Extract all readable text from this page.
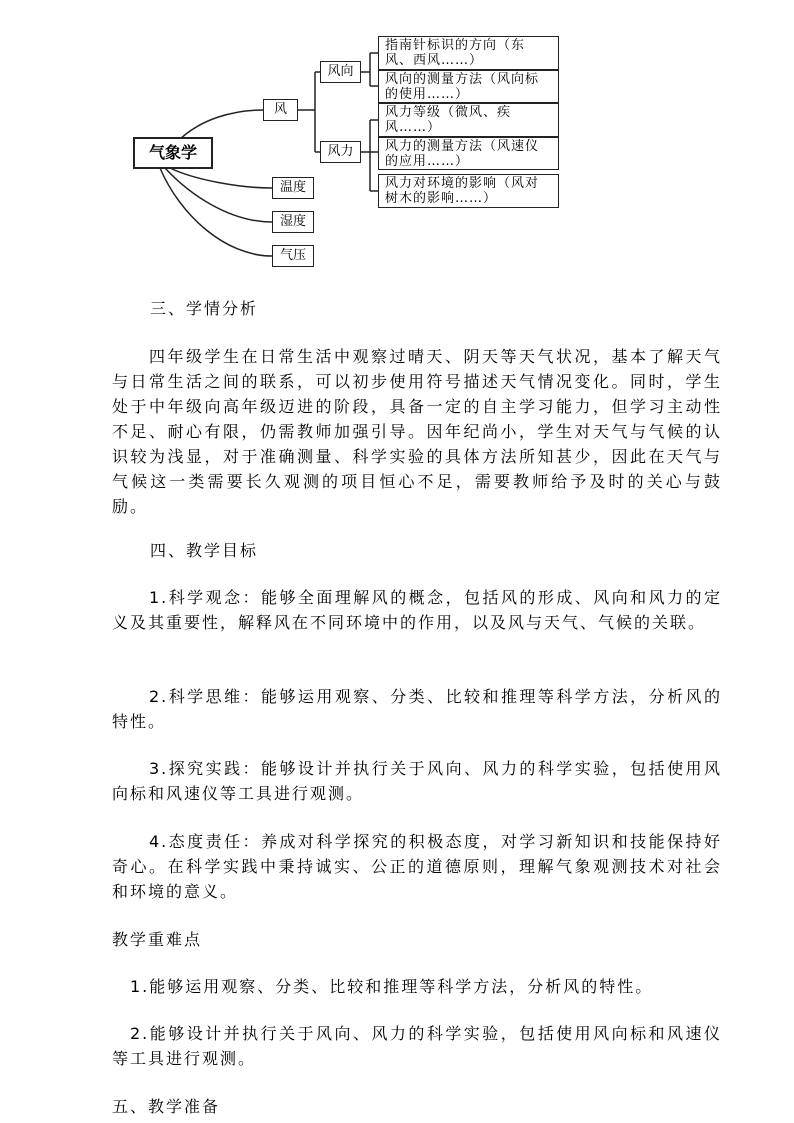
气象学
风
风向
风力
温度
湿度
气压
指南针标识的方向（东风、西风……）
风向的测量方法（风向标的使用……）
风力等级（微风、疾风……）
风力的测量方法（风速仪的应用……）
风力对环境的影响（风对树木的影响……）
三、学情分析
四年级学生在日常生活中观察过晴天、阴天等天气状况，基本了解天气与日常生活之间的联系，可以初步使用符号描述天气情况变化。同时，学生处于中年级向高年级迈进的阶段，具备一定的自主学习能力，但学习主动性不足、耐心有限，仍需教师加强引导。因年纪尚小，学生对天气与气候的认识较为浅显，对于准确测量、科学实验的具体方法所知甚少，因此在天气与气候这一类需要长久观测的项目恒心不足，需要教师给予及时的关心与鼓励。
四、教学目标
1.科学观念：能够全面理解风的概念，包括风的形成、风向和风力的定义及其重要性，解释风在不同环境中的作用，以及风与天气、气候的关联。
2.科学思维：能够运用观察、分类、比较和推理等科学方法，分析风的特性。
3.探究实践：能够设计并执行关于风向、风力的科学实验，包括使用风向标和风速仪等工具进行观测。
4.态度责任：养成对科学探究的积极态度，对学习新知识和技能保持好奇心。在科学实践中秉持诚实、公正的道德原则，理解气象观测技术对社会和环境的意义。
教学重难点
1.能够运用观察、分类、比较和推理等科学方法，分析风的特性。
2.能够设计并执行关于风向、风力的科学实验，包括使用风向标和风速仪等工具进行观测。
五、教学准备
